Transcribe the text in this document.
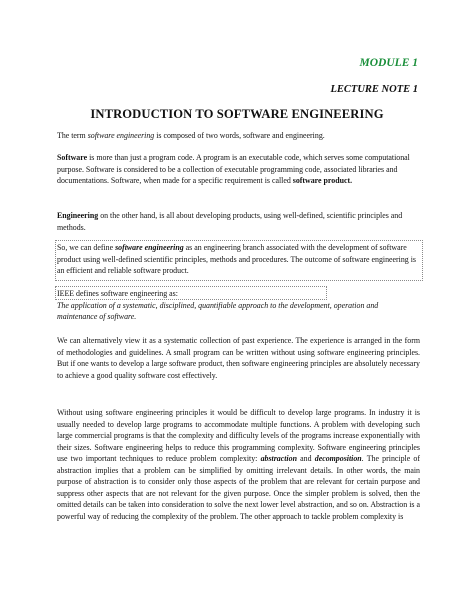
MODULE 1
LECTURE NOTE 1
INTRODUCTION TO SOFTWARE ENGINEERING

The term software engineering is composed of two words, software and engineering.

Software is more than just a program code. A program is an executable code, which serves some computational purpose. Software is considered to be a collection of executable programming code, associated libraries and documentations. Software, when made for a specific requirement is called software product.

Engineering on the other hand, is all about developing products, using well-defined, scientific principles and methods.

So, we can define software engineering as an engineering branch associated with the development of software product using well-defined scientific principles, methods and procedures. The outcome of software engineering is an efficient and reliable software product.

IEEE defines software engineering as:
The application of a systematic, disciplined, quantifiable approach to the development, operation and maintenance of software.

We can alternatively view it as a systematic collection of past experience. The experience is arranged in the form of methodologies and guidelines. A small program can be written without using software engineering principles. But if one wants to develop a large software product, then software engineering principles are absolutely necessary to achieve a good quality software cost effectively.

Without using software engineering principles it would be difficult to develop large programs. In industry it is usually needed to develop large programs to accommodate multiple functions. A problem with developing such large commercial programs is that the complexity and difficulty levels of the programs increase exponentially with their sizes. Software engineering helps to reduce this programming complexity. Software engineering principles use two important techniques to reduce problem complexity: abstraction and decomposition. The principle of abstraction implies that a problem can be simplified by omitting irrelevant details. In other words, the main purpose of abstraction is to consider only those aspects of the problem that are relevant for certain purpose and suppress other aspects that are not relevant for the given purpose. Once the simpler problem is solved, then the omitted details can be taken into consideration to solve the next lower level abstraction, and so on. Abstraction is a powerful way of reducing the complexity of the problem. The other approach to tackle problem complexity is
